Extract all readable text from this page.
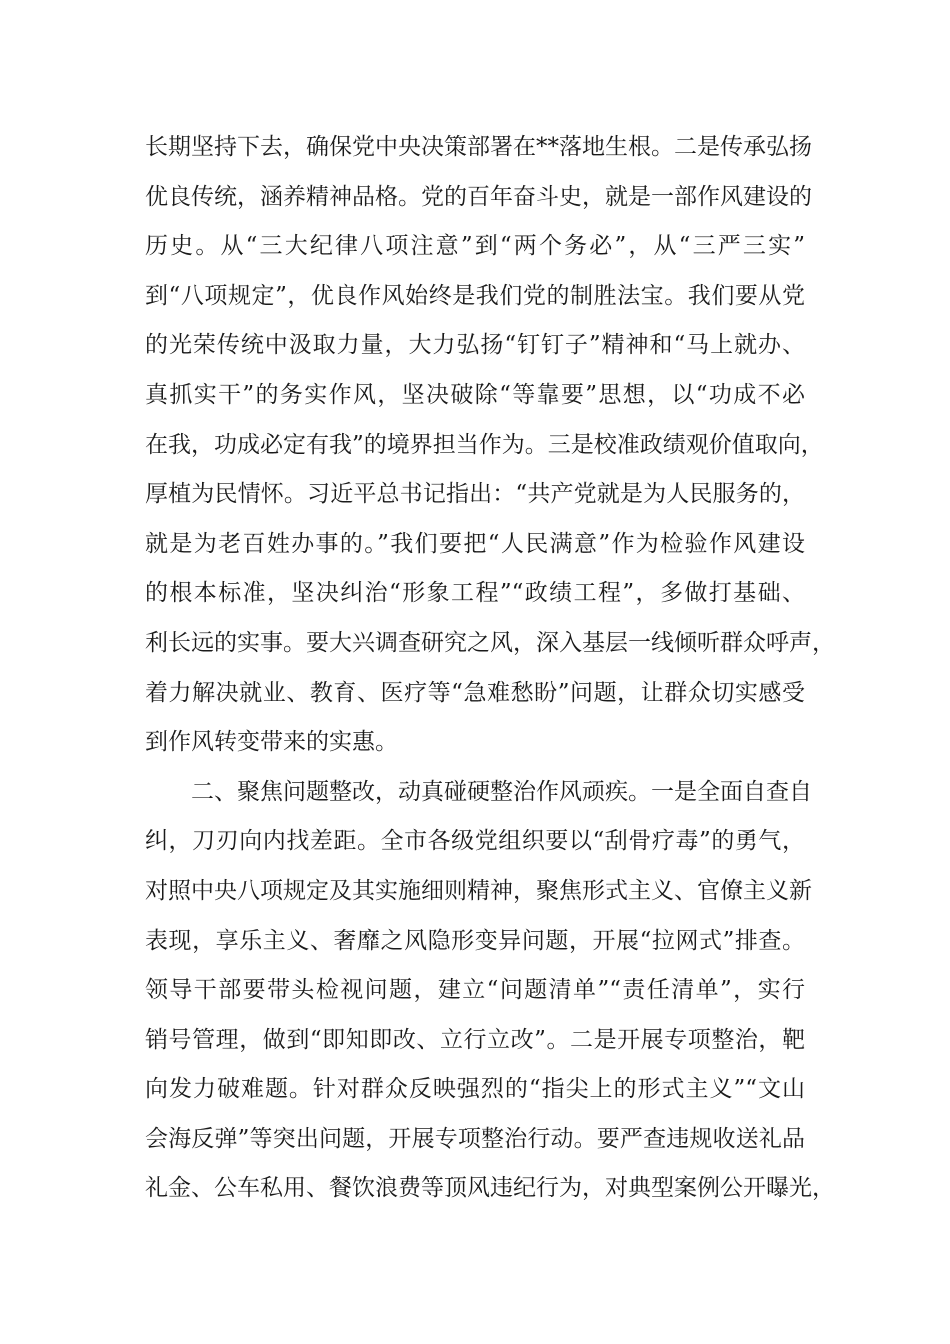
长期坚持下去，确保党中央决策部署在**落地生根。二是传承弘扬
优良传统，涵养精神品格。党的百年奋斗史，就是一部作风建设的
历史。从“三大纪律八项注意”到“两个务必”，从“三严三实”
到“八项规定”，优良作风始终是我们党的制胜法宝。我们要从党
的光荣传统中汲取力量，大力弘扬“钉钉子”精神和“马上就办、
真抓实干”的务实作风，坚决破除“等靠要”思想，以“功成不必
在我，功成必定有我”的境界担当作为。三是校准政绩观价值取向，
厚植为民情怀。习近平总书记指出：“共产党就是为人民服务的，
就是为老百姓办事的。”我们要把“人民满意”作为检验作风建设
的根本标准，坚决纠治“形象工程”“政绩工程”，多做打基础、
利长远的实事。要大兴调查研究之风，深入基层一线倾听群众呼声，
着力解决就业、教育、医疗等“急难愁盼”问题，让群众切实感受
到作风转变带来的实惠。
二、聚焦问题整改，动真碰硬整治作风顽疾。一是全面自查自
纠，刀刃向内找差距。全市各级党组织要以“刮骨疗毒”的勇气，
对照中央八项规定及其实施细则精神，聚焦形式主义、官僚主义新
表现，享乐主义、奢靡之风隐形变异问题，开展“拉网式”排查。
领导干部要带头检视问题，建立“问题清单”“责任清单”，实行
销号管理，做到“即知即改、立行立改”。二是开展专项整治，靶
向发力破难题。针对群众反映强烈的“指尖上的形式主义”“文山
会海反弹”等突出问题，开展专项整治行动。要严查违规收送礼品
礼金、公车私用、餐饮浪费等顶风违纪行为，对典型案例公开曝光，
